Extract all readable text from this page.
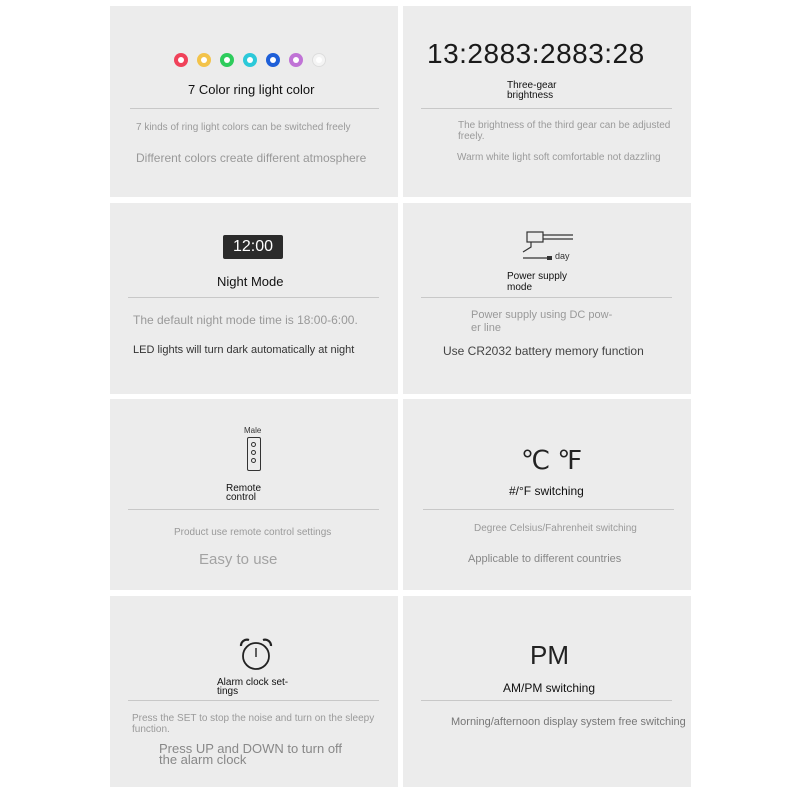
7 Color ring light color
7 kinds of ring light colors can be switched freely
Different colors create different atmosphere
13:2883:2883:28
Three-gear
brightness
The brightness of the third gear can be adjusted
freely.
Warm white light soft comfortable not dazzling
12:00
Night Mode
The default night mode time is 18:00-6:00.
LED lights will turn dark automatically at night
day
Power supply
mode
Power supply using DC pow-
er line
Use CR2032 battery memory function
Male
Remote
control
Product use remote control settings
Easy to use
℃ ℉
#/°F switching
Degree Celsius/Fahrenheit switching
Applicable to different countries
Alarm clock set-
tings
Press the SET to stop the noise and turn on the sleepy
function.
Press UP and DOWN to turn off
the alarm clock
PM
AM/PM switching
Morning/afternoon display system free switching
